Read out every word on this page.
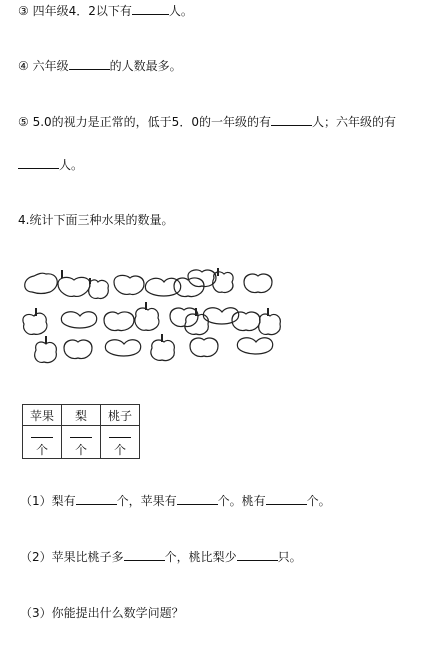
③ 四年级4．2以下有	人。
④ 六年级	的人数最多。
⑤ 5.0的视力是正常的，低于5．0的一年级的有	人；六年级的有
人。
4.统计下面三种水果的数量。
苹果	梨	桃子
个	个	个
（1）梨有	个，苹果有	个。桃有	个。
（2）苹果比桃子多	个，桃比梨少	只。
（3）你能提出什么数学问题？
